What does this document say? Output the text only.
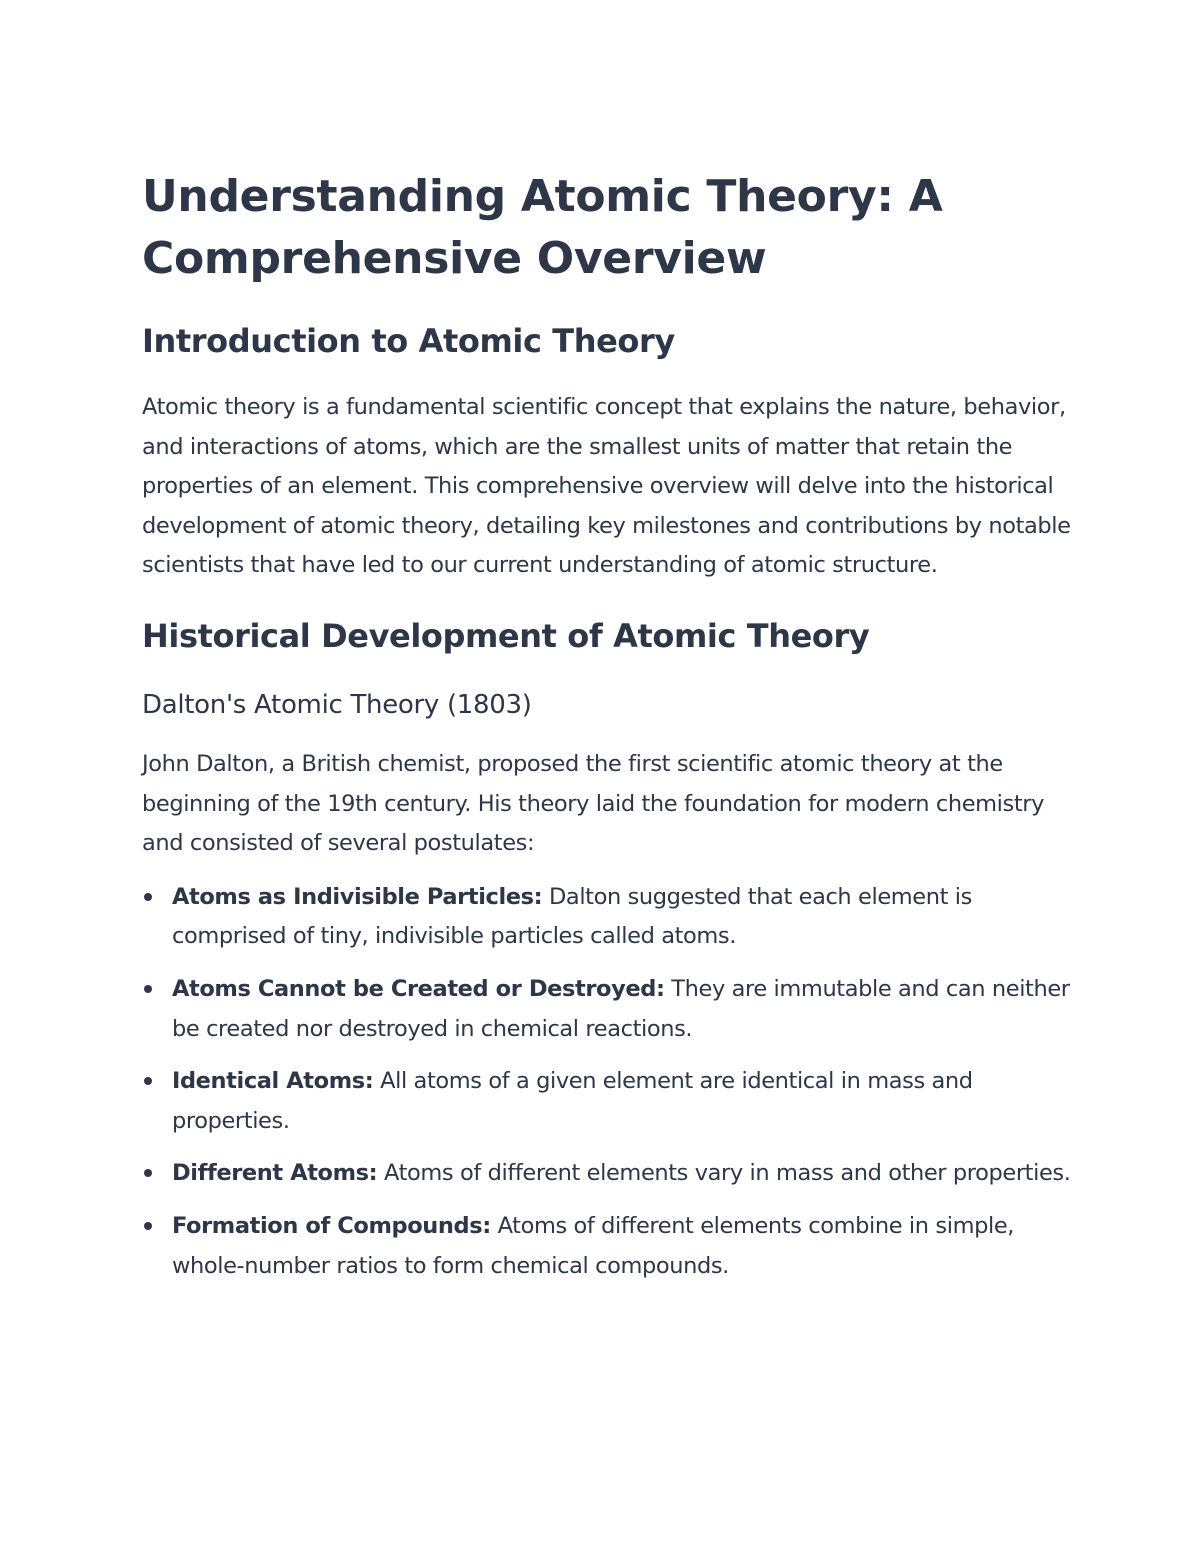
Understanding Atomic Theory: A Comprehensive Overview
Introduction to Atomic Theory

Atomic theory is a fundamental scientific concept that explains the nature, behavior, and interactions of atoms, which are the smallest units of matter that retain the properties of an element. This comprehensive overview will delve into the historical development of atomic theory, detailing key milestones and contributions by notable scientists that have led to our current understanding of atomic structure.

Historical Development of Atomic Theory
Dalton's Atomic Theory (1803)

John Dalton, a British chemist, proposed the first scientific atomic theory at the beginning of the 19th century. His theory laid the foundation for modern chemistry and consisted of several postulates:

Atoms as Indivisible Particles: Dalton suggested that each element is comprised of tiny, indivisible particles called atoms.
Atoms Cannot be Created or Destroyed: They are immutable and can neither be created nor destroyed in chemical reactions.
Identical Atoms: All atoms of a given element are identical in mass and properties.
Different Atoms: Atoms of different elements vary in mass and other properties.
Formation of Compounds: Atoms of different elements combine in simple, whole-number ratios to form chemical compounds.
